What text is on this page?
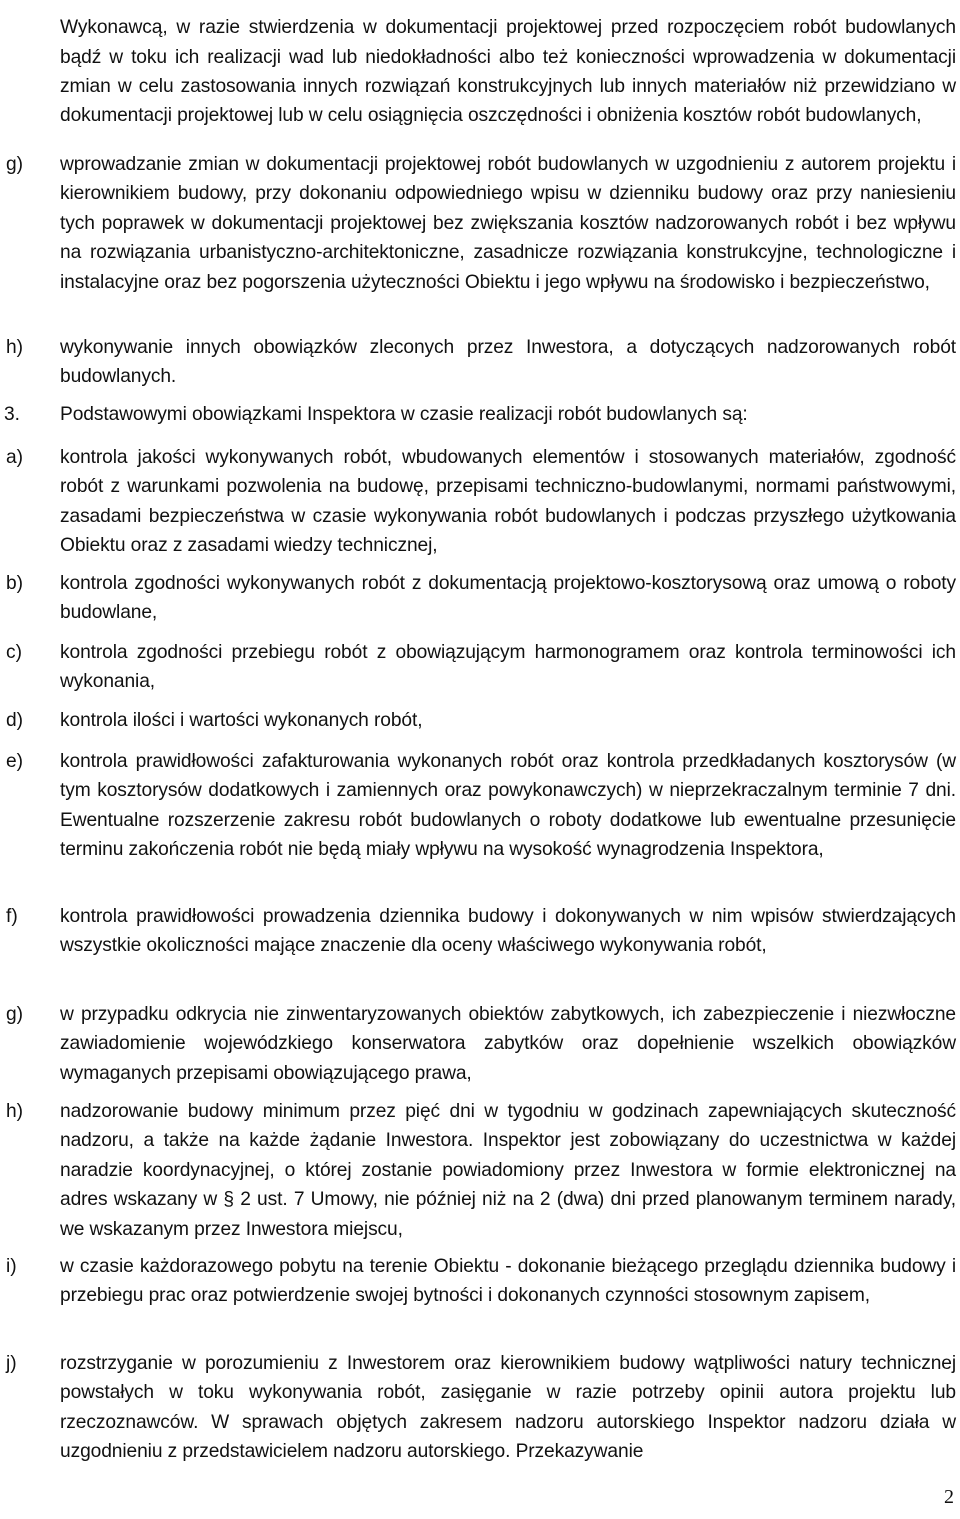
Wykonawcą, w razie stwierdzenia w dokumentacji projektowej przed rozpoczęciem robót budowlanych bądź w toku ich realizacji wad lub niedokładności albo też konieczności wprowadzenia w dokumentacji zmian w celu zastosowania innych rozwiązań konstrukcyjnych lub innych materiałów niż przewidziano w dokumentacji projektowej lub w celu osiągnięcia oszczędności i obniżenia kosztów robót budowlanych,

g) wprowadzanie zmian w dokumentacji projektowej robót budowlanych w uzgodnieniu z autorem projektu i kierownikiem budowy, przy dokonaniu odpowiedniego wpisu w dzienniku budowy oraz przy naniesieniu tych poprawek w dokumentacji projektowej bez zwiększania kosztów nadzorowanych robót i bez wpływu na rozwiązania urbanistyczno-architektoniczne, zasadnicze rozwiązania konstrukcyjne, technologiczne i instalacyjne oraz bez pogorszenia użyteczności Obiektu i jego wpływu na środowisko i bezpieczeństwo,
h) wykonywanie innych obowiązków zleconych przez Inwestora, a dotyczących nadzorowanych robót budowlanych.
3. Podstawowymi obowiązkami Inspektora w czasie realizacji robót budowlanych są:
a) kontrola jakości wykonywanych robót, wbudowanych elementów i stosowanych materiałów, zgodność robót z warunkami pozwolenia na budowę, przepisami techniczno-budowlanymi, normami państwowymi, zasadami bezpieczeństwa w czasie wykonywania robót budowlanych i podczas przyszłego użytkowania Obiektu oraz z zasadami wiedzy technicznej,
b) kontrola zgodności wykonywanych robót z dokumentacją projektowo-kosztorysową oraz umową o roboty budowlane,
c) kontrola zgodności przebiegu robót z obowiązującym harmonogramem oraz kontrola terminowości ich wykonania,
d) kontrola ilości i wartości wykonanych robót,
e) kontrola prawidłowości zafakturowania wykonanych robót oraz kontrola przedkładanych kosztorysów (w tym kosztorysów dodatkowych i zamiennych oraz powykonawczych) w nieprzekraczalnym terminie 7 dni. Ewentualne rozszerzenie zakresu robót budowlanych o roboty dodatkowe lub ewentualne przesunięcie terminu zakończenia robót nie będą miały wpływu na wysokość wynagrodzenia Inspektora,
f) kontrola prawidłowości prowadzenia dziennika budowy i dokonywanych w nim wpisów stwierdzających wszystkie okoliczności mające znaczenie dla oceny właściwego wykonywania robót,
g) w przypadku odkrycia nie zinwentaryzowanych obiektów zabytkowych, ich zabezpieczenie i niezwłoczne zawiadomienie wojewódzkiego konserwatora zabytków oraz dopełnienie wszelkich obowiązków wymaganych przepisami obowiązującego prawa,
h) nadzorowanie budowy minimum przez pięć dni w tygodniu w godzinach zapewniających skuteczność nadzoru, a także na każde żądanie Inwestora. Inspektor jest zobowiązany do uczestnictwa w każdej naradzie koordynacyjnej, o której zostanie powiadomiony przez Inwestora w formie elektronicznej na adres wskazany w § 2 ust. 7 Umowy, nie później niż na 2 (dwa) dni przed planowanym terminem narady, we wskazanym przez Inwestora miejscu,
i) w czasie każdorazowego pobytu na terenie Obiektu - dokonanie bieżącego przeglądu dziennika budowy i przebiegu prac oraz potwierdzenie swojej bytności i dokonanych czynności stosownym zapisem,
j) rozstrzyganie w porozumieniu z Inwestorem oraz kierownikiem budowy wątpliwości natury technicznej powstałych w toku wykonywania robót, zasięganie w razie potrzeby opinii autora projektu lub rzeczoznawców. W sprawach objętych zakresem nadzoru autorskiego Inspektor nadzoru działa w uzgodnieniu z przedstawicielem nadzoru autorskiego. Przekazywanie
2
